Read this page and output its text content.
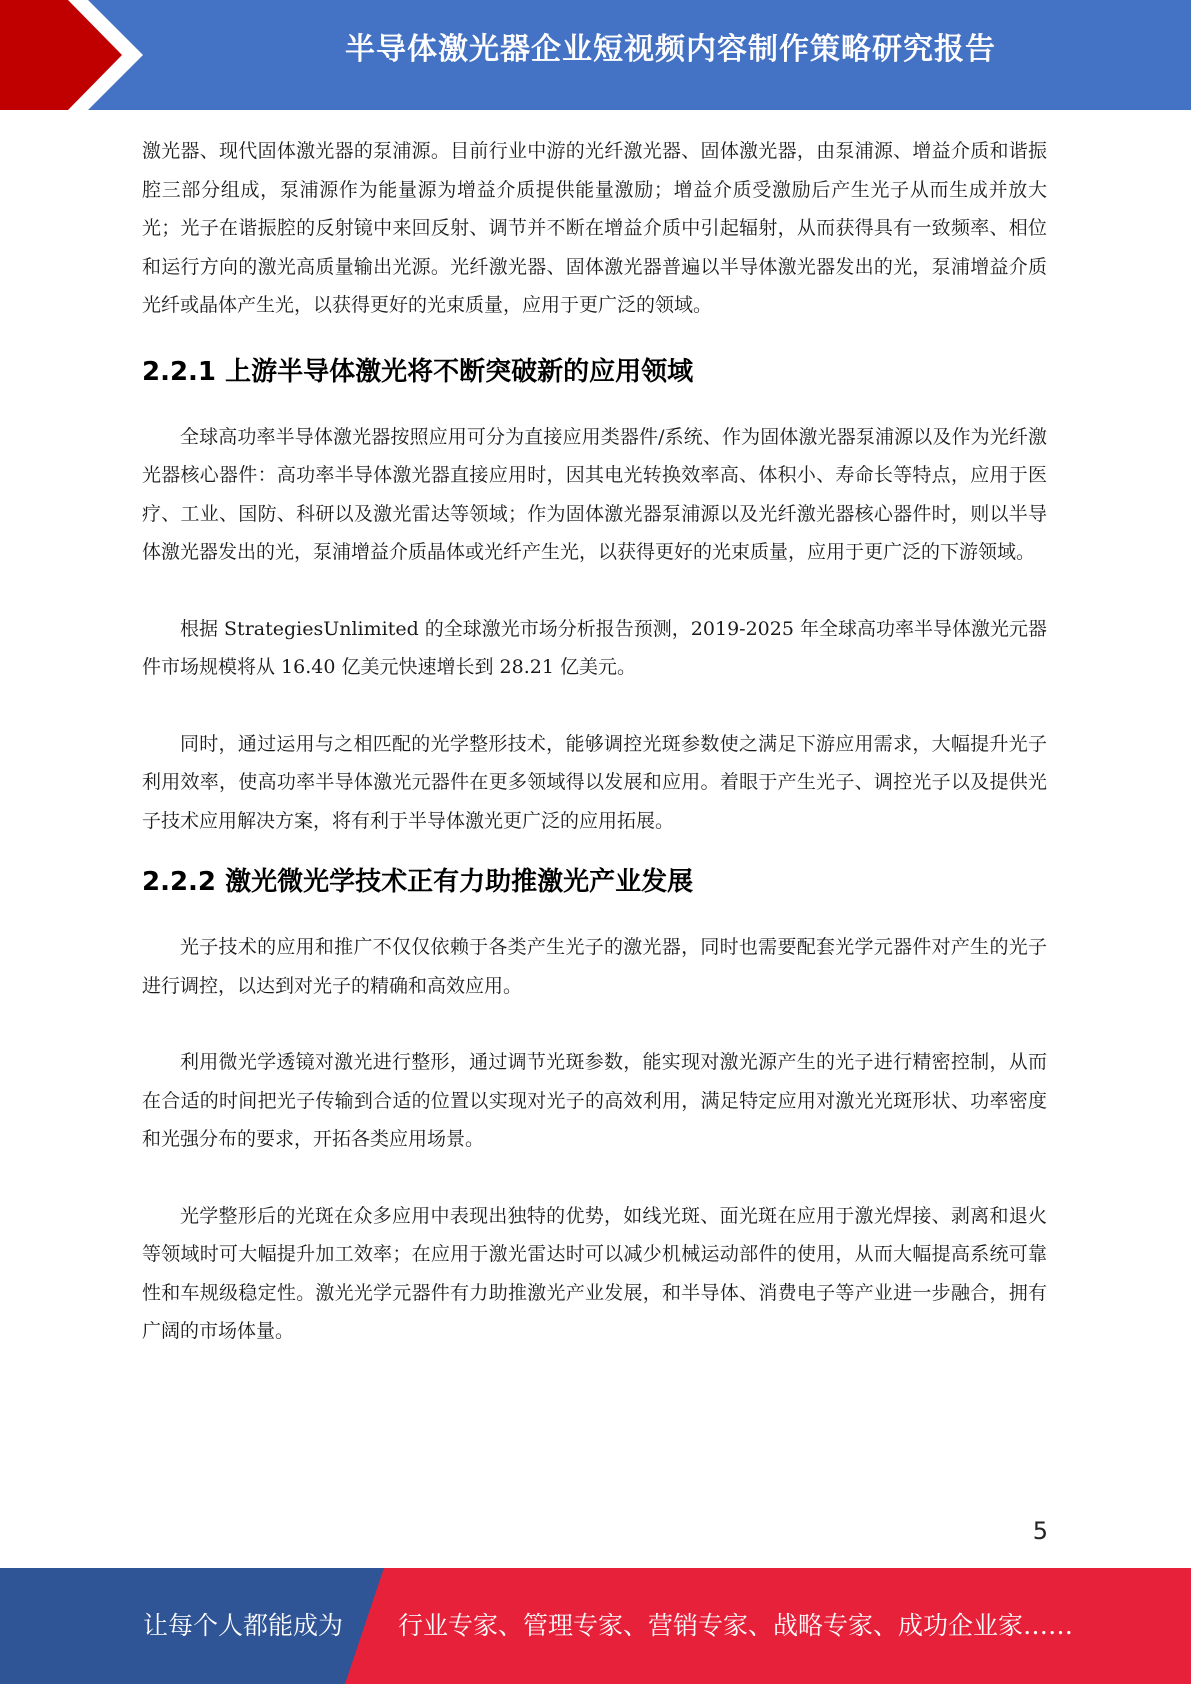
半导体激光器企业短视频内容制作策略研究报告

激光器、现代固体激光器的泵浦源。目前行业中游的光纤激光器、固体激光器，由泵浦源、增益介质和谐振腔三部分组成，泵浦源作为能量源为增益介质提供能量激励；增益介质受激励后产生光子从而生成并放大光；光子在谐振腔的反射镜中来回反射、调节并不断在增益介质中引起辐射，从而获得具有一致频率、相位和运行方向的激光高质量输出光源。光纤激光器、固体激光器普遍以半导体激光器发出的光，泵浦增益介质光纤或晶体产生光，以获得更好的光束质量，应用于更广泛的领域。

2.2.1 上游半导体激光将不断突破新的应用领域

全球高功率半导体激光器按照应用可分为直接应用类器件/系统、作为固体激光器泵浦源以及作为光纤激光器核心器件：高功率半导体激光器直接应用时，因其电光转换效率高、体积小、寿命长等特点，应用于医疗、工业、国防、科研以及激光雷达等领域；作为固体激光器泵浦源以及光纤激光器核心器件时，则以半导体激光器发出的光，泵浦增益介质晶体或光纤产生光，以获得更好的光束质量，应用于更广泛的下游领域。

根据 StrategiesUnlimited 的全球激光市场分析报告预测，2019-2025 年全球高功率半导体激光元器件市场规模将从 16.40 亿美元快速增长到 28.21 亿美元。

同时，通过运用与之相匹配的光学整形技术，能够调控光斑参数使之满足下游应用需求，大幅提升光子利用效率，使高功率半导体激光元器件在更多领域得以发展和应用。着眼于产生光子、调控光子以及提供光子技术应用解决方案，将有利于半导体激光更广泛的应用拓展。

2.2.2 激光微光学技术正有力助推激光产业发展

光子技术的应用和推广不仅仅依赖于各类产生光子的激光器，同时也需要配套光学元器件对产生的光子进行调控，以达到对光子的精确和高效应用。

利用微光学透镜对激光进行整形，通过调节光斑参数，能实现对激光源产生的光子进行精密控制，从而在合适的时间把光子传输到合适的位置以实现对光子的高效利用，满足特定应用对激光光斑形状、功率密度和光强分布的要求，开拓各类应用场景。

光学整形后的光斑在众多应用中表现出独特的优势，如线光斑、面光斑在应用于激光焊接、剥离和退火等领域时可大幅提升加工效率；在应用于激光雷达时可以减少机械运动部件的使用，从而大幅提高系统可靠性和车规级稳定性。激光光学元器件有力助推激光产业发展，和半导体、消费电子等产业进一步融合，拥有广阔的市场体量。

5
让每个人都能成为 行业专家、管理专家、营销专家、战略专家、成功企业家……
